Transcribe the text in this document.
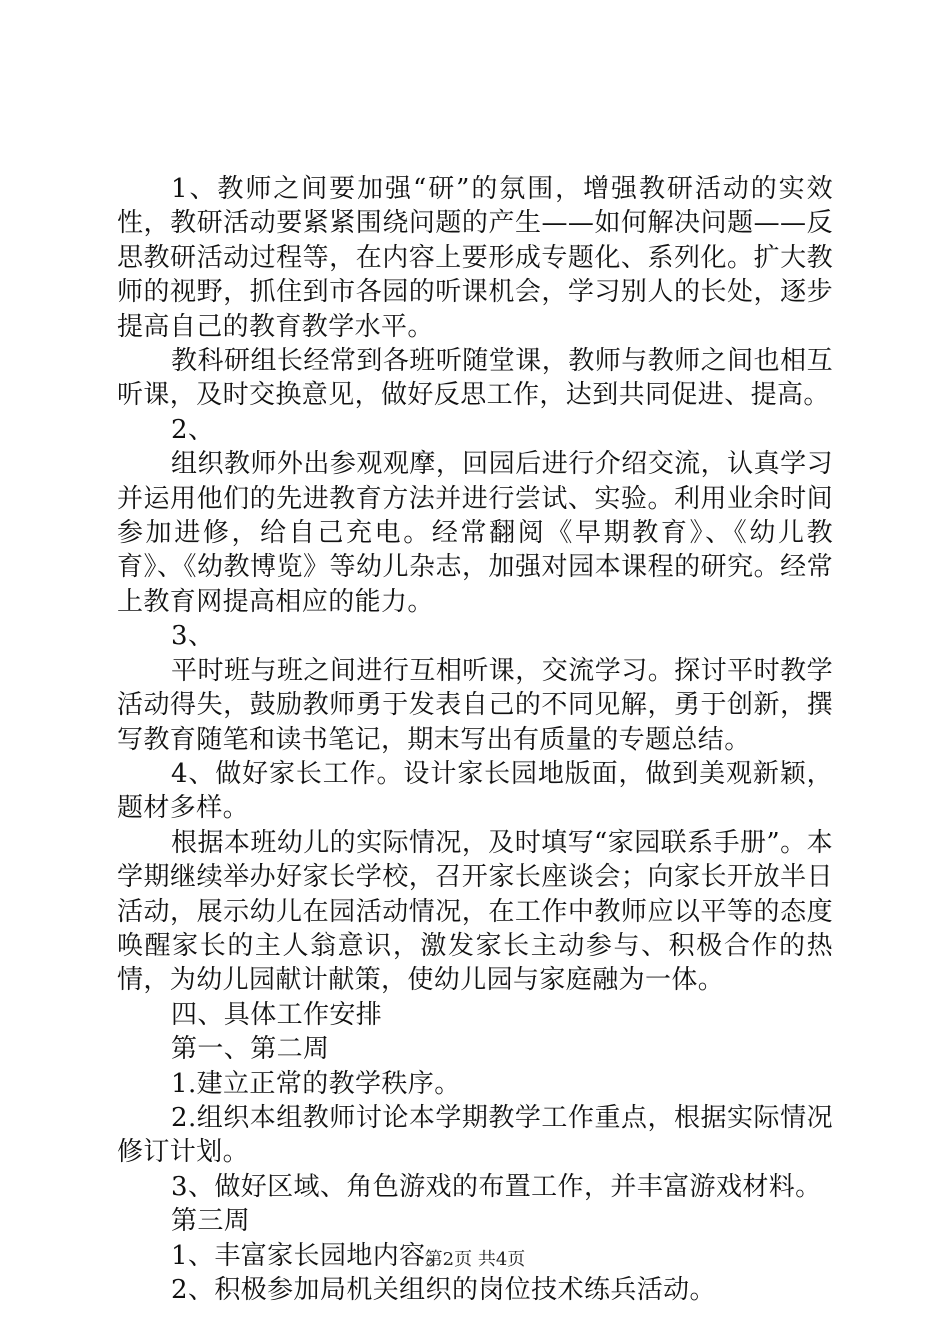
1、教师之间要加强“研”的氛围，增强教研活动的实效性，教研活动要紧紧围绕问题的产生——如何解决问题——反思教研活动过程等，在内容上要形成专题化、系列化。扩大教师的视野，抓住到市各园的听课机会，学习别人的长处，逐步提高自己的教育教学水平。

教科研组长经常到各班听随堂课，教师与教师之间也相互听课，及时交换意见，做好反思工作，达到共同促进、提高。

2、

组织教师外出参观观摩，回园后进行介绍交流，认真学习并运用他们的先进教育方法并进行尝试、实验。利用业余时间参加进修，给自己充电。经常翻阅《早期教育》、《幼儿教育》、《幼教博览》等幼儿杂志，加强对园本课程的研究。经常上教育网提高相应的能力。

3、

平时班与班之间进行互相听课，交流学习。探讨平时教学活动得失，鼓励教师勇于发表自己的不同见解，勇于创新，撰写教育随笔和读书笔记，期末写出有质量的专题总结。

4、做好家长工作。设计家长园地版面，做到美观新颖，题材多样。

根据本班幼儿的实际情况，及时填写“家园联系手册”。本学期继续举办好家长学校，召开家长座谈会；向家长开放半日活动，展示幼儿在园活动情况，在工作中教师应以平等的态度唤醒家长的主人翁意识，激发家长主动参与、积极合作的热情，为幼儿园献计献策，使幼儿园与家庭融为一体。

四、具体工作安排

第一、第二周

1.建立正常的教学秩序。

2.组织本组教师讨论本学期教学工作重点，根据实际情况修订计划。

3、做好区域、角色游戏的布置工作，并丰富游戏材料。

第三周

1、丰富家长园地内容。

2、积极参加局机关组织的岗位技术练兵活动。

第2页 共4页
